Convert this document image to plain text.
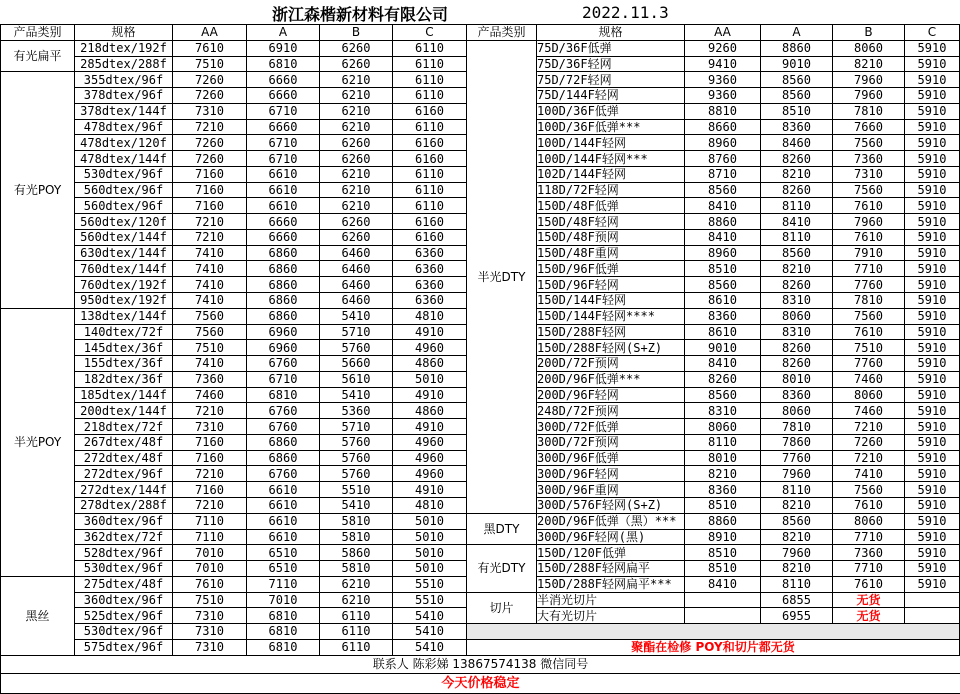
浙江森楷新材料有限公司	2022.11.3
产品类别	规格	AA	A	B	C
有光扁平	218dtex/192f	7610	6910	6260	6110
	285dtex/288f	7510	6810	6260	6110
有光POY	355dtex/96f	7260	6660	6210	6110
	378dtex/96f	7260	6660	6210	6110
	378dtex/144f	7310	6710	6210	6160
	478dtex/96f	7210	6660	6210	6110
	478dtex/120f	7260	6710	6260	6160
	478dtex/144f	7260	6710	6260	6160
	530dtex/96f	7160	6610	6210	6110
	560dtex/96f	7160	6610	6210	6110
	560dtex/96f	7160	6610	6210	6110
	560dtex/120f	7210	6660	6260	6160
	560dtex/144f	7210	6660	6260	6160
	630dtex/144f	7410	6860	6460	6360
	760dtex/144f	7410	6860	6460	6360
	760dtex/192f	7410	6860	6460	6360
	950dtex/192f	7410	6860	6460	6360
半光POY	138dtex/144f	7560	6860	5410	4810
	140dtex/72f	7560	6960	5710	4910
	145dtex/36f	7510	6960	5760	4960
	155dtex/36f	7410	6760	5660	4860
	182dtex/36f	7360	6710	5610	5010
	185dtex/144f	7460	6810	5410	4910
	200dtex/144f	7210	6760	5360	4860
	218dtex/72f	7310	6760	5710	4910
	267dtex/48f	7160	6860	5760	4960
	272dtex/48f	7160	6860	5760	4960
	272dtex/96f	7210	6760	5760	4960
	272dtex/144f	7160	6610	5510	4910
	278dtex/288f	7210	6610	5410	4810
	360dtex/96f	7110	6610	5810	5010
	362dtex/72f	7110	6610	5810	5010
	528dtex/96f	7010	6510	5860	5010
	530dtex/96f	7010	6510	5810	5010
黑丝	275dtex/48f	7610	7110	6210	5510
	360dtex/96f	7510	7010	6210	5510
	525dtex/96f	7310	6810	6110	5410
	530dtex/96f	7310	6810	6110	5410
	575dtex/96f	7310	6810	6110	5410
产品类别	规格	AA	A	B	C
半光DTY	75D/36F低弹	9260	8860	8060	5910
	75D/36F轻网	9410	9010	8210	5910
	75D/72F轻网	9360	8560	7960	5910
	75D/144F轻网	9360	8560	7960	5910
	100D/36F低弹	8810	8510	7810	5910
	100D/36F低弹***	8660	8360	7660	5910
	100D/144F轻网	8960	8460	7560	5910
	100D/144F轻网***	8760	8260	7360	5910
	102D/144F轻网	8710	8210	7310	5910
	118D/72F轻网	8560	8260	7560	5910
	150D/48F低弹	8410	8110	7610	5910
	150D/48F轻网	8860	8410	7960	5910
	150D/48F预网	8410	8110	7610	5910
	150D/48F重网	8960	8560	7910	5910
	150D/96F低弹	8510	8210	7710	5910
	150D/96F轻网	8560	8260	7760	5910
	150D/144F轻网	8610	8310	7810	5910
	150D/144F轻网****	8360	8060	7560	5910
	150D/288F轻网	8610	8310	7610	5910
	150D/288F轻网(S+Z)	9010	8260	7510	5910
	200D/72F预网	8410	8260	7760	5910
	200D/96F低弹***	8260	8010	7460	5910
	200D/96F轻网	8560	8360	8060	5910
	248D/72F预网	8310	8060	7460	5910
	300D/72F低弹	8060	7810	7210	5910
	300D/72F预网	8110	7860	7260	5910
	300D/96F低弹	8010	7760	7210	5910
	300D/96F轻网	8210	7960	7410	5910
	300D/96F重网	8360	8110	7560	5910
	300D/576F轻网(S+Z)	8510	8210	7610	5910
黑DTY	200D/96F低弹（黑）***	8860	8560	8060	5910
	300D/96F轻网(黑)	8910	8210	7710	5910
有光DTY	150D/120F低弹	8510	7960	7360	5910
	150D/288F轻网扁平	8510	8210	7710	5910
	150D/288F轻网扁平***	8410	8110	7610	5910
切片	半消光切片		6855	无货	
	大有光切片		6955	无货	

聚酯在检修 POY和切片都无货					
联系人 陈彩娣 13867574138 微信同号
今天价格稳定
